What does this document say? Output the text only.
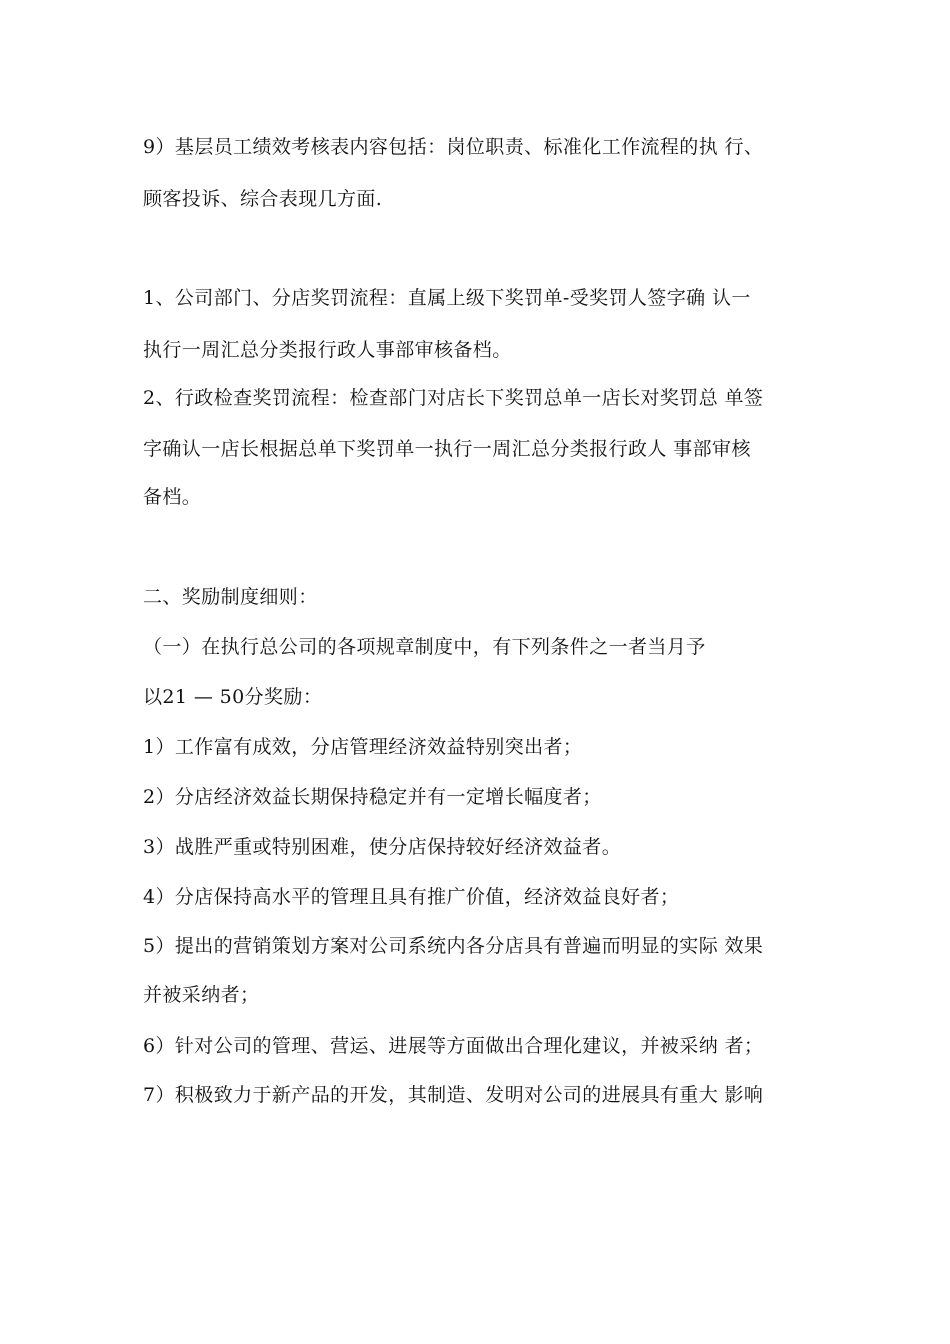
9）基层员工绩效考核表内容包括：岗位职责、标准化工作流程的执 行、
顾客投诉、综合表现几方面.
1、公司部门、分店奖罚流程：直属上级下奖罚单-受奖罚人签字确 认一
执行一周汇总分类报行政人事部审核备档。
2、行政检查奖罚流程：检查部门对店长下奖罚总单一店长对奖罚总 单签
字确认一店长根据总单下奖罚单一执行一周汇总分类报行政人 事部审核
备档。
二、奖励制度细则：
（一）在执行总公司的各项规章制度中，有下列条件之一者当月予
以21 — 50分奖励：
1）工作富有成效，分店管理经济效益特别突出者；
2）分店经济效益长期保持稳定并有一定增长幅度者；
3）战胜严重或特别困难，使分店保持较好经济效益者。
4）分店保持高水平的管理且具有推广价值，经济效益良好者；
5）提出的营销策划方案对公司系统内各分店具有普遍而明显的实际 效果
并被采纳者；
6）针对公司的管理、营运、进展等方面做出合理化建议，并被采纳 者；
7）积极致力于新产品的开发，其制造、发明对公司的进展具有重大 影响
